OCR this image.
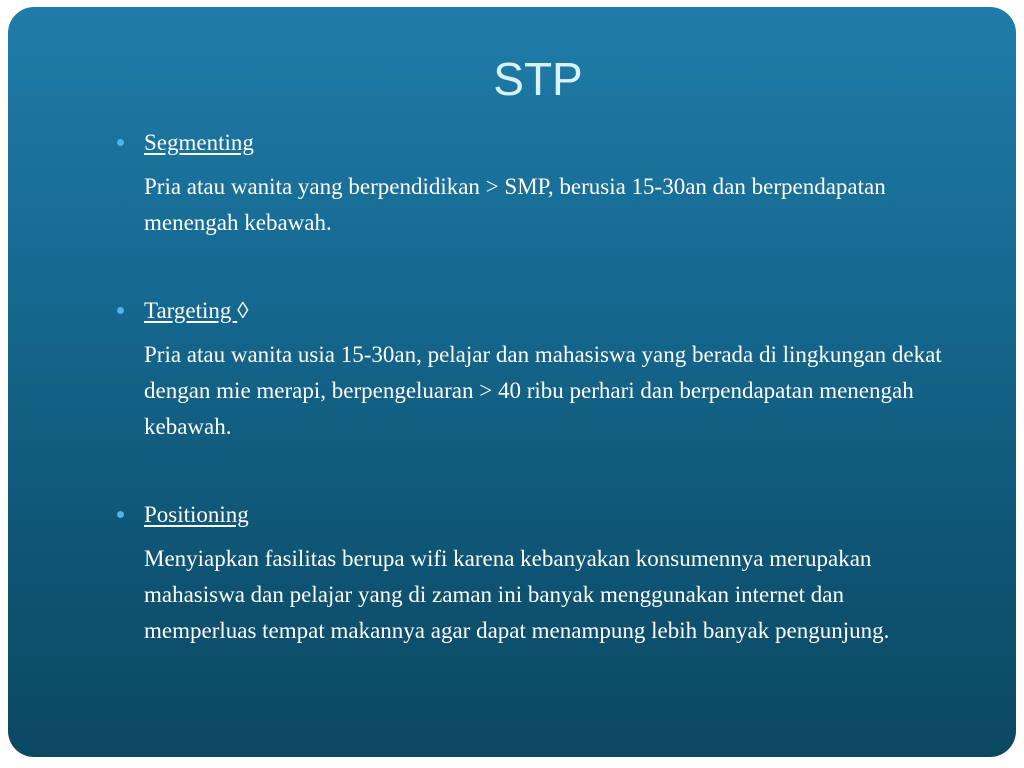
STP
Segmenting
Pria atau wanita yang berpendidikan > SMP, berusia 15-30an dan berpendapatan menengah kebawah.
Targeting ◊
Pria atau wanita usia 15-30an, pelajar dan mahasiswa yang berada di lingkungan dekat dengan mie merapi, berpengeluaran > 40 ribu perhari dan berpendapatan menengah kebawah.
Positioning
Menyiapkan fasilitas berupa wifi karena kebanyakan konsumennya merupakan mahasiswa dan pelajar yang di zaman ini banyak menggunakan internet dan memperluas tempat makannya agar dapat menampung lebih banyak pengunjung.
